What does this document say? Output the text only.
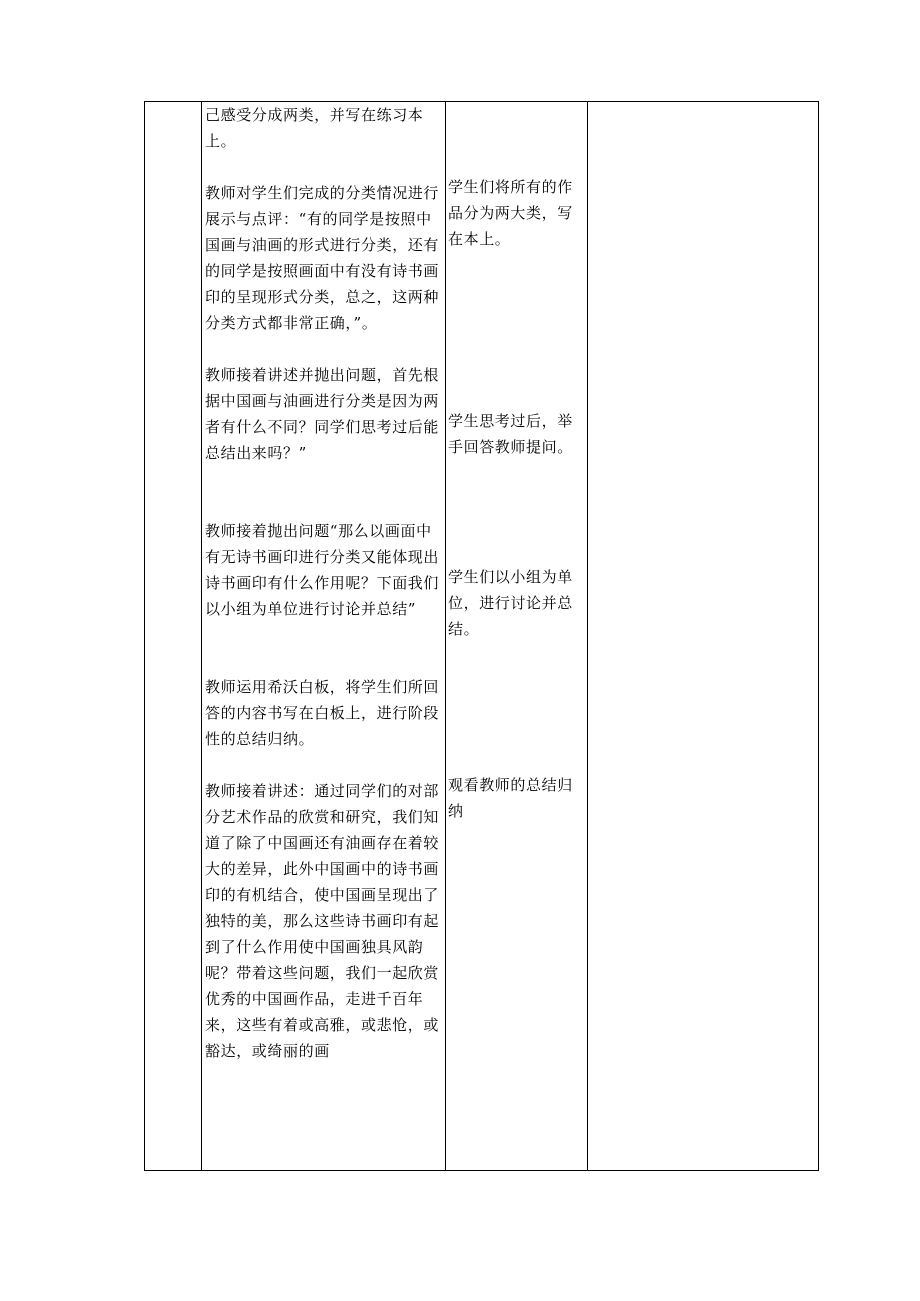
己感受分成两类，并写在练习本上。

教师对学生们完成的分类情况进行展示与点评：“有的同学是按照中国画与油画的形式进行分类，还有的同学是按照画面中有没有诗书画印的呈现形式分类，总之，这两种分类方式都非常正确，”。

教师接着讲述并抛出问题，首先根据中国画与油画进行分类是因为两者有什么不同？同学们思考过后能总结出来吗？”

教师接着抛出问题“那么以画面中有无诗书画印进行分类又能体现出诗书画印有什么作用呢？下面我们以小组为单位进行讨论并总结”

教师运用希沃白板，将学生们所回答的内容书写在白板上，进行阶段性的总结归纳。

教师接着讲述：通过同学们的对部分艺术作品的欣赏和研究，我们知道了除了中国画还有油画存在着较大的差异，此外中国画中的诗书画印的有机结合，使中国画呈现出了独特的美，那么这些诗书画印有起到了什么作用使中国画独具风韵呢？带着这些问题，我们一起欣赏优秀的中国画作品，走进千百年来，这些有着或高雅，或悲怆，或豁达，或绮丽的画

学生们将所有的作品分为两大类，写在本上。

学生思考过后，举手回答教师提问。

学生们以小组为单位，进行讨论并总结。

观看教师的总结归纳
